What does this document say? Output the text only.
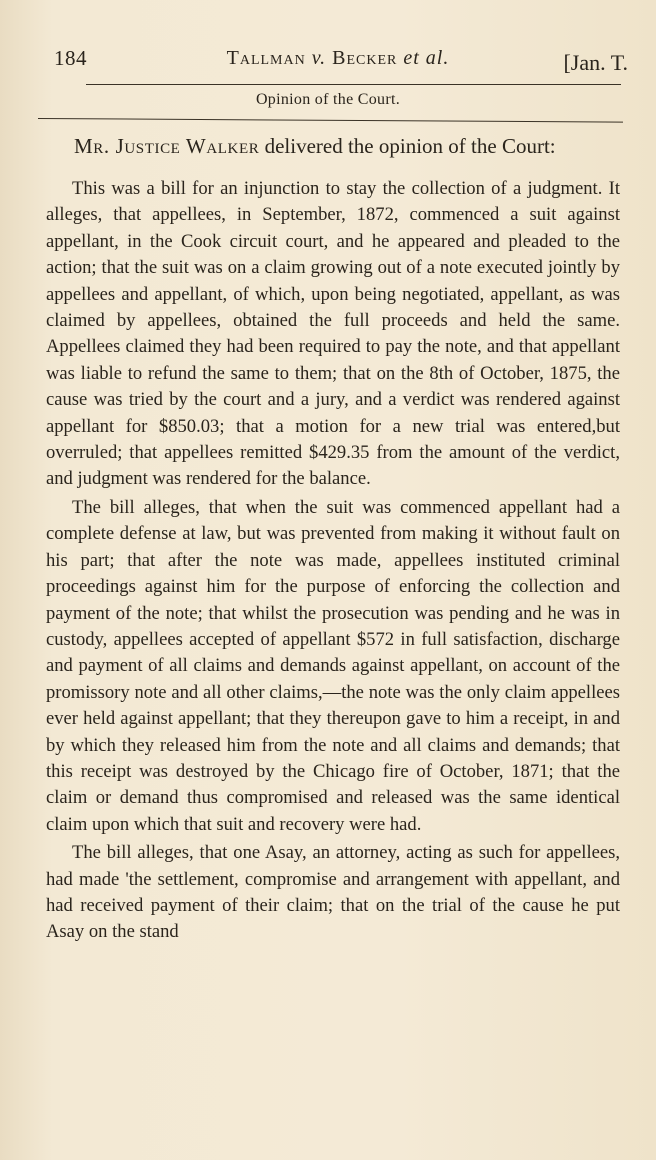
184	Tallman v. Becker et al.	[Jan. T.
Opinion of the Court.
Mr. Justice Walker delivered the opinion of the Court:

This was a bill for an injunction to stay the collection of a judgment. It alleges, that appellees, in September, 1872, commenced a suit against appellant, in the Cook circuit court, and he appeared and pleaded to the action; that the suit was on a claim growing out of a note executed jointly by appellees and appellant, of which, upon being negotiated, appellant, as was claimed by appellees, obtained the full proceeds and held the same. Appellees claimed they had been required to pay the note, and that appellant was liable to refund the same to them; that on the 8th of October, 1875, the cause was tried by the court and a jury, and a verdict was rendered against appellant for $850.03; that a motion for a new trial was entered,but overruled; that appellees remitted $429.35 from the amount of the verdict, and judgment was rendered for the balance.

The bill alleges, that when the suit was commenced appellant had a complete defense at law, but was prevented from making it without fault on his part; that after the note was made, appellees instituted criminal proceedings against him for the purpose of enforcing the collection and payment of the note; that whilst the prosecution was pending and he was in custody, appellees accepted of appellant $572 in full satisfaction, discharge and payment of all claims and demands against appellant, on account of the promissory note and all other claims,—the note was the only claim appellees ever held against appellant; that they thereupon gave to him a receipt, in and by which they released him from the note and all claims and demands; that this receipt was destroyed by the Chicago fire of October, 1871; that the claim or demand thus compromised and released was the same identical claim upon which that suit and recovery were had.

The bill alleges, that one Asay, an attorney, acting as such for appellees, had made 'the settlement, compromise and arrangement with appellant, and had received payment of their claim; that on the trial of the cause he put Asay on the stand
